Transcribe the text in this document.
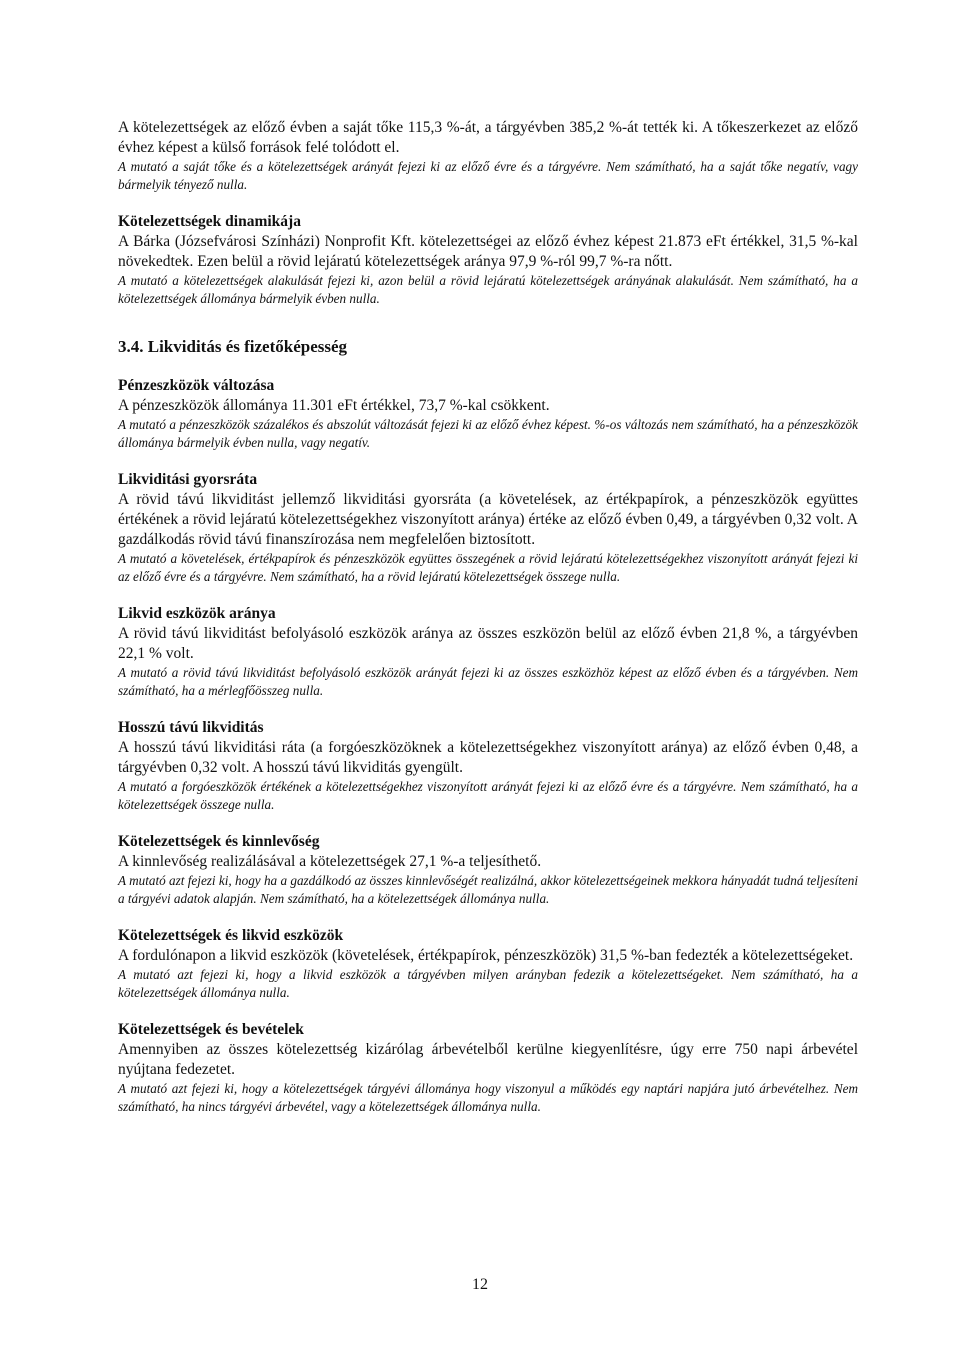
A kötelezettségek az előző évben a saját tőke 115,3 %-át, a tárgyévben 385,2 %-át tették ki. A tőkeszerkezet az előző évhez képest a külső források felé tolódott el.

A mutató a saját tőke és a kötelezettségek arányát fejezi ki az előző évre és a tárgyévre. Nem számítható, ha a saját tőke negatív, vagy bármelyik tényező nulla.

Kötelezettségek dinamikája

A Bárka (Józsefvárosi Színházi) Nonprofit Kft. kötelezettségei az előző évhez képest 21.873 eFt értékkel, 31,5 %-kal növekedtek. Ezen belül a rövid lejáratú kötelezettségek aránya 97,9 %-ról 99,7 %-ra nőtt.

A mutató a kötelezettségek alakulását fejezi ki, azon belül a rövid lejáratú kötelezettségek arányának alakulását. Nem számítható, ha a kötelezettségek állománya bármelyik évben nulla.

3.4. Likviditás és fizetőképesség

Pénzeszközök változása

A pénzeszközök állománya 11.301 eFt értékkel, 73,7 %-kal csökkent.

A mutató a pénzeszközök százalékos és abszolút változását fejezi ki az előző évhez képest. %-os változás nem számítható, ha a pénzeszközök állománya bármelyik évben nulla, vagy negatív.

Likviditási gyorsráta

A rövid távú likviditást jellemző likviditási gyorsráta (a követelések, az értékpapírok, a pénzeszközök együttes értékének a rövid lejáratú kötelezettségekhez viszonyított aránya) értéke az előző évben 0,49, a tárgyévben 0,32 volt. A gazdálkodás rövid távú finanszírozása nem megfelelően biztosított.

A mutató a követelések, értékpapírok és pénzeszközök együttes összegének a rövid lejáratú kötelezettségekhez viszonyított arányát fejezi ki az előző évre és a tárgyévre. Nem számítható, ha a rövid lejáratú kötelezettségek összege nulla.

Likvid eszközök aránya

A rövid távú likviditást befolyásoló eszközök aránya az összes eszközön belül az előző évben 21,8 %, a tárgyévben 22,1 % volt.

A mutató a rövid távú likviditást befolyásoló eszközök arányát fejezi ki az összes eszközhöz képest az előző évben és a tárgyévben. Nem számítható, ha a mérlegfőösszeg nulla.

Hosszú távú likviditás

A hosszú távú likviditási ráta (a forgóeszközöknek a kötelezettségekhez viszonyított aránya) az előző évben 0,48, a tárgyévben 0,32 volt. A hosszú távú likviditás gyengült.

A mutató a forgóeszközök értékének a kötelezettségekhez viszonyított arányát fejezi ki az előző évre és a tárgyévre. Nem számítható, ha a kötelezettségek összege nulla.

Kötelezettségek és kinnlevőség

A kinnlevőség realizálásával a kötelezettségek 27,1 %-a teljesíthető.

A mutató azt fejezi ki, hogy ha a gazdálkodó az összes kinnlevőségét realizálná, akkor kötelezettségeinek mekkora hányadát tudná teljesíteni a tárgyévi adatok alapján. Nem számítható, ha a kötelezettségek állománya nulla.

Kötelezettségek és likvid eszközök

A fordulónapon a likvid eszközök (követelések, értékpapírok, pénzeszközök) 31,5 %-ban fedezték a kötelezettségeket.

A mutató azt fejezi ki, hogy a likvid eszközök a tárgyévben milyen arányban fedezik a kötelezettségeket. Nem számítható, ha a kötelezettségek állománya nulla.

Kötelezettségek és bevételek

Amennyiben az összes kötelezettség kizárólag árbevételből kerülne kiegyenlítésre, úgy erre 750 napi árbevétel nyújtana fedezetet.

A mutató azt fejezi ki, hogy a kötelezettségek tárgyévi állománya hogy viszonyul a működés egy naptári napjára jutó árbevételhez. Nem számítható, ha nincs tárgyévi árbevétel, vagy a kötelezettségek állománya nulla.

12
